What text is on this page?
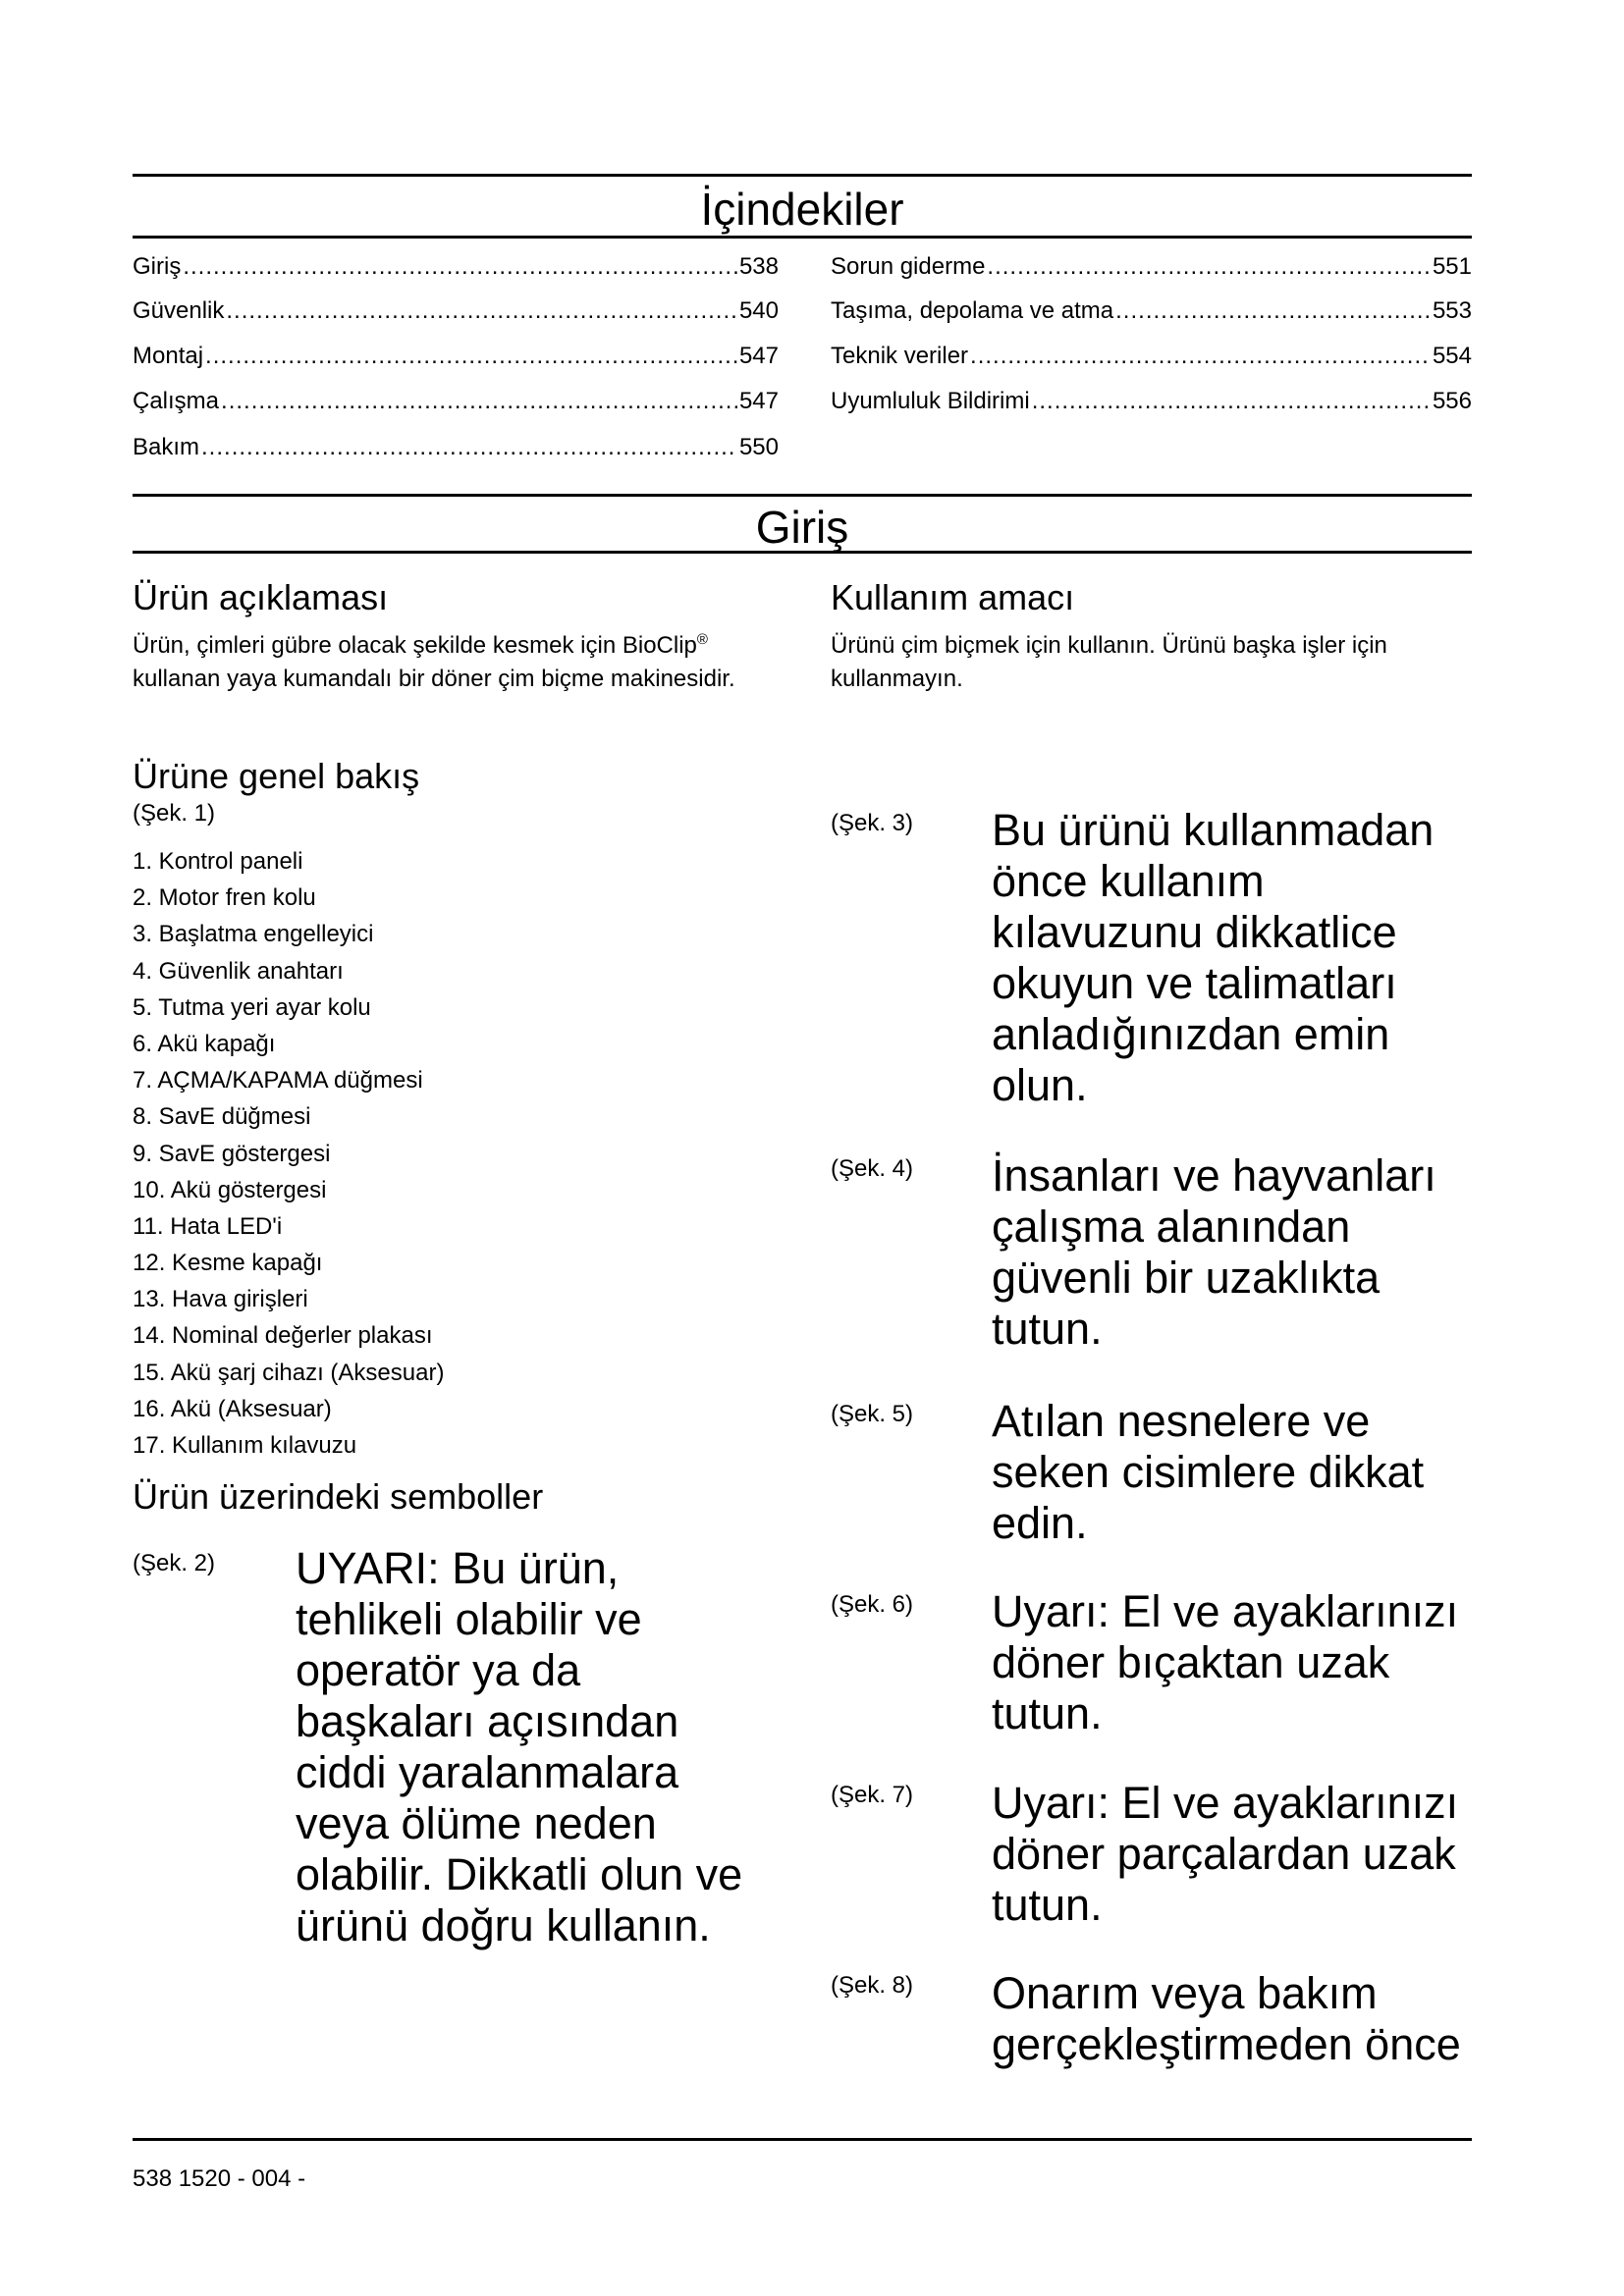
İçindekiler
Giriş .....	538
Güvenlik .....	540
Montaj .....	547
Çalışma .....	547
Bakım .....	550
Sorun giderme .....	551
Taşıma, depolama ve atma .....	553
Teknik veriler .....	554
Uyumluluk Bildirimi .....	556
Giriş
Ürün açıklaması
Ürün, çimleri gübre olacak şekilde kesmek için BioClip® kullanan yaya kumandalı bir döner çim biçme makinesidir.
Ürüne genel bakış
(Şek. 1)
1. Kontrol paneli
2. Motor fren kolu
3. Başlatma engelleyici
4. Güvenlik anahtarı
5. Tutma yeri ayar kolu
6. Akü kapağı
7. AÇMA/KAPAMA düğmesi
8. SavE düğmesi
9. SavE göstergesi
10. Akü göstergesi
11. Hata LED'i
12. Kesme kapağı
13. Hava girişleri
14. Nominal değerler plakası
15. Akü şarj cihazı (Aksesuar)
16. Akü (Aksesuar)
17. Kullanım kılavuzu
Ürün üzerindeki semboller
(Şek. 2) UYARI: Bu ürün, tehlikeli olabilir ve operatör ya da başkaları açısından ciddi yaralanmalara veya ölüme neden olabilir. Dikkatli olun ve ürünü doğru kullanın.
Kullanım amacı
Ürünü çim biçmek için kullanın. Ürünü başka işler için kullanmayın.
(Şek. 3) Bu ürünü kullanmadan önce kullanım kılavuzunu dikkatlice okuyun ve talimatları anladığınızdan emin olun.
(Şek. 4) İnsanları ve hayvanları çalışma alanından güvenli bir uzaklıkta tutun.
(Şek. 5) Atılan nesnelere ve seken cisimlere dikkat edin.
(Şek. 6) Uyarı: El ve ayaklarınızı döner bıçaktan uzak tutun.
(Şek. 7) Uyarı: El ve ayaklarınızı döner parçalardan uzak tutun.
(Şek. 8) Onarım veya bakım gerçekleştirmeden önce
538 1520 - 004 -
